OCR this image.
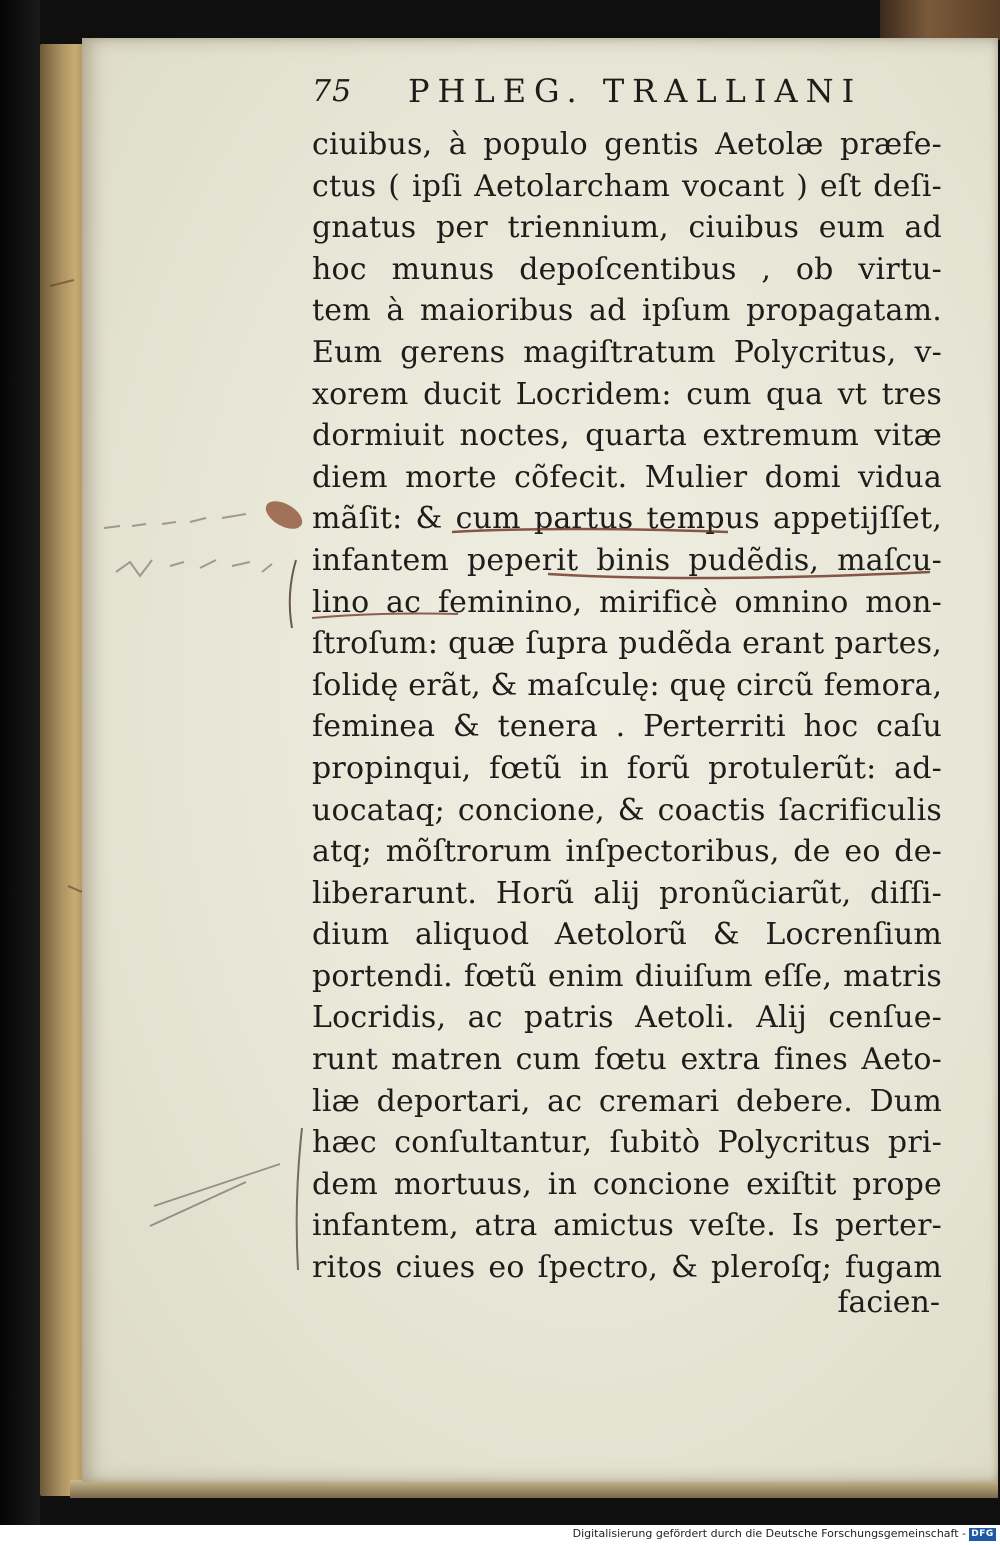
75 PHLEG. TRALLIANI
ciuibus, à populo gentis Aetolæ præfe-
ctus ( ipſi Aetolarcham vocant ) eſt deſi-
gnatus per triennium, ciuibus eum ad
hoc munus depoſcentibus , ob virtu-
tem à maioribus ad ipſum propagatam.
Eum gerens magiſtratum Polycritus, v-
xorem ducit Locridem: cum qua vt tres
dormiuit noctes, quarta extremum vitæ
diem morte cõfecit. Mulier domi vidua
mãſit: & cum partus tempus appetijſſet,
infantem peperit binis pudẽdis, maſcu-
lino ac feminino, mirificè omnino mon-
ſtroſum: quæ ſupra pudẽda erant partes,
ſolidę erãt, & maſculę: quę circũ femora,
feminea & tenera . Perterriti hoc caſu
propinqui, fœtũ in forũ protulerũt: ad-
uocataq; concione, & coactis ſacrificulis
atq; mõſtrorum inſpectoribus, de eo de-
liberarunt. Horũ alij pronũciarũt, diſſi-
dium aliquod Aetolorũ & Locrenſium
portendi. fœtũ enim diuiſum eſſe, matris
Locridis, ac patris Aetoli. Alij cenſue-
runt matren cum fœtu extra fines Aeto-
liæ deportari, ac cremari debere. Dum
hæc conſultantur, ſubitò Polycritus pri-
dem mortuus, in concione exiſtit prope
infantem, atra amictus veſte. Is perter-
ritos ciues eo ſpectro, & pleroſq; fugam
facien-
Digitalisierung gefördert durch die Deutsche Forschungsgemeinschaft - DFG
